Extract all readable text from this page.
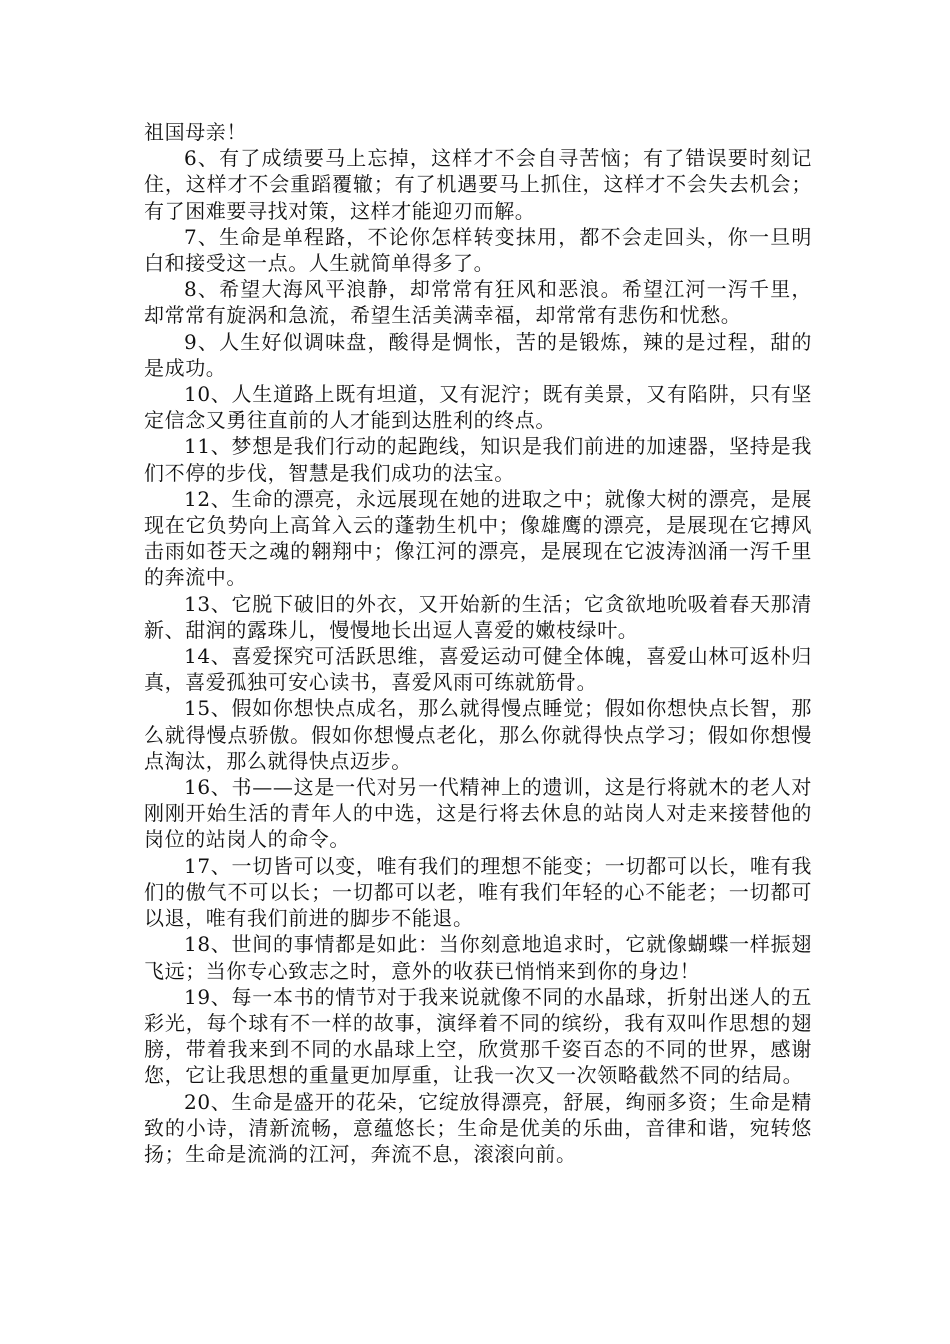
祖国母亲！

6、有了成绩要马上忘掉，这样才不会自寻苦恼；有了错误要时刻记住，这样才不会重蹈覆辙；有了机遇要马上抓住，这样才不会失去机会；有了困难要寻找对策，这样才能迎刃而解。

7、生命是单程路，不论你怎样转变抹用，都不会走回头，你一旦明白和接受这一点。人生就简单得多了。

8、希望大海风平浪静，却常常有狂风和恶浪。希望江河一泻千里，却常常有旋涡和急流，希望生活美满幸福，却常常有悲伤和忧愁。

9、人生好似调味盘，酸得是惆怅，苦的是锻炼，辣的是过程，甜的是成功。

10、人生道路上既有坦道，又有泥泞；既有美景，又有陷阱，只有坚定信念又勇往直前的人才能到达胜利的终点。

11、梦想是我们行动的起跑线，知识是我们前进的加速器，坚持是我们不停的步伐，智慧是我们成功的法宝。

12、生命的漂亮，永远展现在她的进取之中；就像大树的漂亮，是展现在它负势向上高耸入云的蓬勃生机中；像雄鹰的漂亮，是展现在它搏风击雨如苍天之魂的翱翔中；像江河的漂亮，是展现在它波涛汹涌一泻千里的奔流中。

13、它脱下破旧的外衣，又开始新的生活；它贪欲地吮吸着春天那清新、甜润的露珠儿，慢慢地长出逗人喜爱的嫩枝绿叶。

14、喜爱探究可活跃思维，喜爱运动可健全体魄，喜爱山林可返朴归真，喜爱孤独可安心读书，喜爱风雨可练就筋骨。

15、假如你想快点成名，那么就得慢点睡觉；假如你想快点长智，那么就得慢点骄傲。假如你想慢点老化，那么你就得快点学习；假如你想慢点淘汰，那么就得快点迈步。

16、书——这是一代对另一代精神上的遗训，这是行将就木的老人对刚刚开始生活的青年人的中选，这是行将去休息的站岗人对走来接替他的岗位的站岗人的命令。

17、一切皆可以变，唯有我们的理想不能变；一切都可以长，唯有我们的傲气不可以长；一切都可以老，唯有我们年轻的心不能老；一切都可以退，唯有我们前进的脚步不能退。

18、世间的事情都是如此：当你刻意地追求时，它就像蝴蝶一样振翅飞远；当你专心致志之时，意外的收获已悄悄来到你的身边！

19、每一本书的情节对于我来说就像不同的水晶球，折射出迷人的五彩光，每个球有不一样的故事，演绎着不同的缤纷，我有双叫作思想的翅膀，带着我来到不同的水晶球上空，欣赏那千姿百态的不同的世界，感谢您，它让我思想的重量更加厚重，让我一次又一次领略截然不同的结局。

20、生命是盛开的花朵，它绽放得漂亮，舒展，绚丽多资；生命是精致的小诗，清新流畅，意蕴悠长；生命是优美的乐曲，音律和谐，宛转悠扬；生命是流淌的江河，奔流不息，滚滚向前。
